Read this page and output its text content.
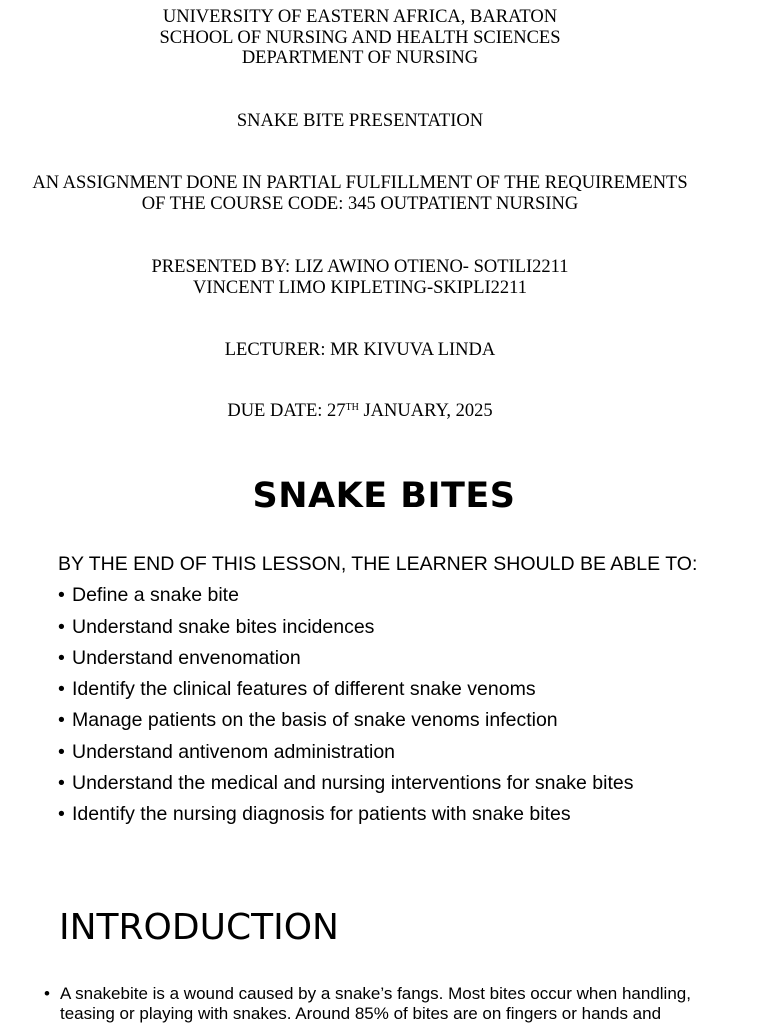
UNIVERSITY OF EASTERN AFRICA, BARATON
SCHOOL OF NURSING AND HEALTH SCIENCES
DEPARTMENT OF NURSING
SNAKE BITE PRESENTATION
AN ASSIGNMENT DONE IN PARTIAL FULFILLMENT OF THE REQUIREMENTS
OF THE COURSE CODE: 345 OUTPATIENT NURSING
PRESENTED BY: LIZ AWINO OTIENO- SOTILI2211
VINCENT LIMO KIPLETING-SKIPLI2211
LECTURER: MR KIVUVA LINDA
DUE DATE: 27TH JANUARY, 2025
SNAKE BITES
BY THE END OF THIS LESSON, THE LEARNER SHOULD BE ABLE TO:
• Define a snake bite
• Understand snake bites incidences
• Understand envenomation
• Identify the clinical features of different snake venoms
• Manage patients on the basis of snake venoms infection
• Understand antivenom administration
• Understand the medical and nursing interventions for snake bites
• Identify the nursing diagnosis for patients with snake bites
INTRODUCTION
• A snakebite is a wound caused by a snake’s fangs. Most bites occur when handling,
teasing or playing with snakes. Around 85% of bites are on fingers or hands and
